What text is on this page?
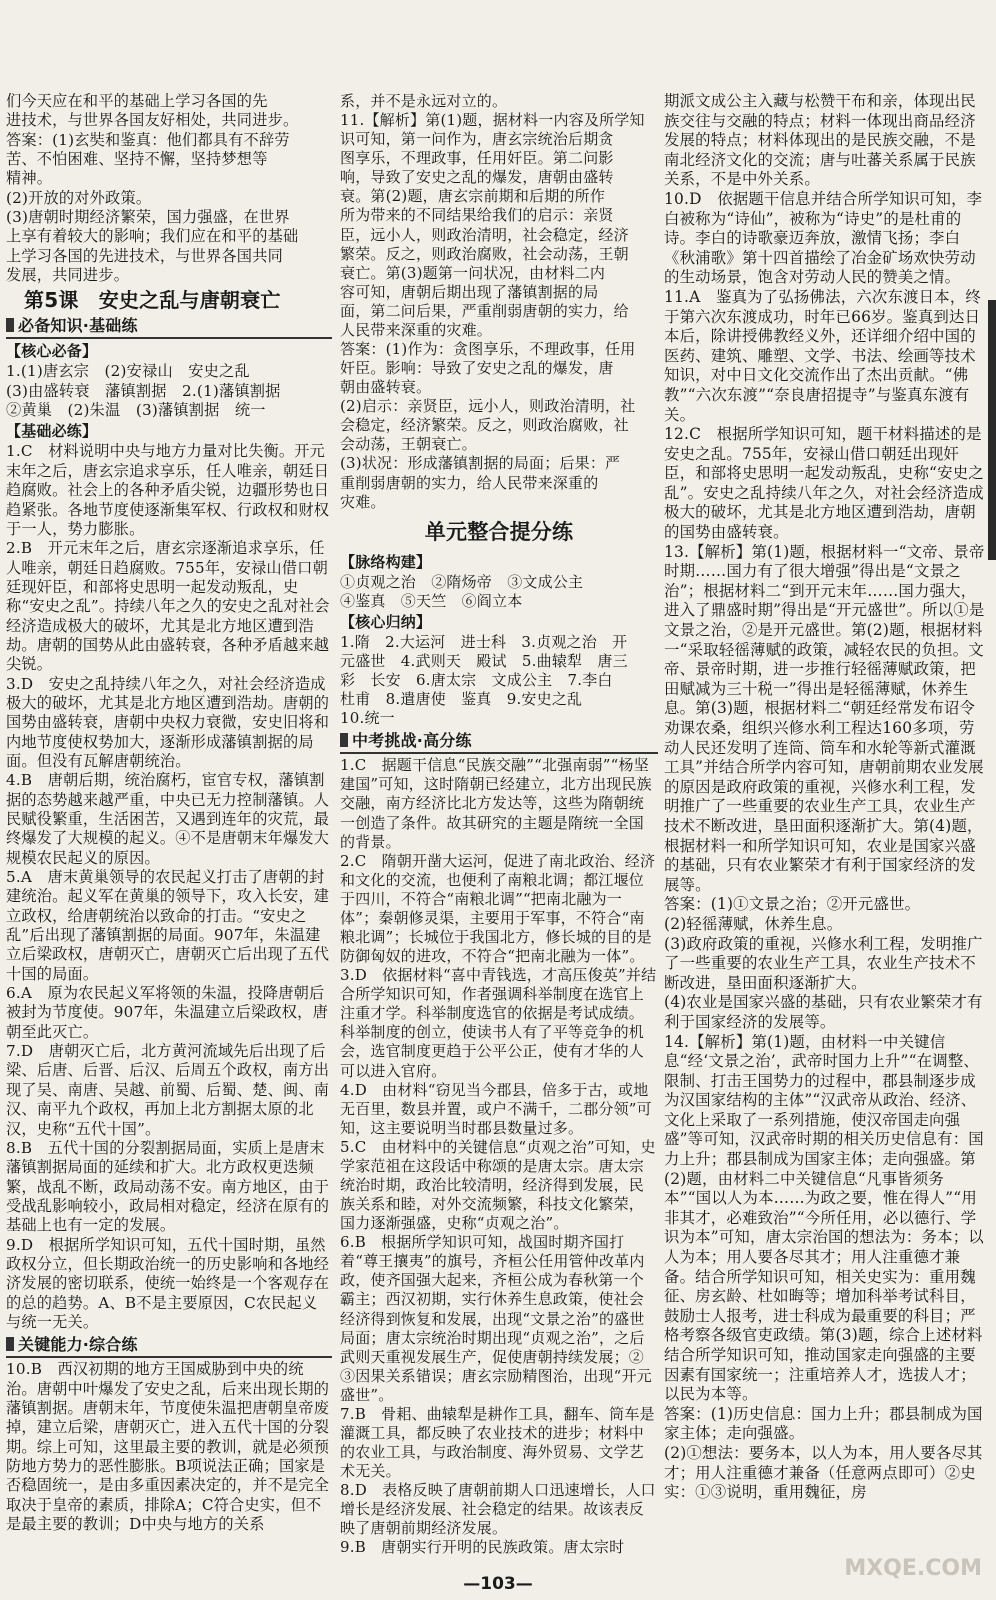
们今天应在和平的基础上学习各国的先

进技术，与世界各国友好相处，共同进步。

答案：(1)玄奘和鉴真：他们都具有不辞劳

苦、不怕困难、坚持不懈，坚持梦想等

精神。

(2)开放的对外政策。

(3)唐朝时期经济繁荣，国力强盛，在世界

上享有着较大的影响；我们应在和平的基础

上学习各国的先进技术，与世界各国共同

发展，共同进步。

第5课　安史之乱与唐朝衰亡
必备知识·基础练
【核心必备】

1.(1)唐玄宗　(2)安禄山　安史之乱

(3)由盛转衰　藩镇割据　2.(1)藩镇割据

②黄巢　(2)朱温　(3)藩镇割据　统一

【基础必练】

1.C　材料说明中央与地方力量对比失衡。开元末年之后，唐玄宗追求享乐，任人唯亲，朝廷日趋腐败。社会上的各种矛盾尖锐，边疆形势也日趋紧张。各地节度使逐渐集军权、行政权和财权于一人，势力膨胀。

2.B　开元末年之后，唐玄宗逐渐追求享乐，任人唯亲，朝廷日趋腐败。755年，安禄山借口朝廷现奸臣，和部将史思明一起发动叛乱，史称“安史之乱”。持续八年之久的安史之乱对社会经济造成极大的破坏，尤其是北方地区遭到浩劫。唐朝的国势从此由盛转衰，各种矛盾越来越尖锐。

3.D　安史之乱持续八年之久，对社会经济造成极大的破坏，尤其是北方地区遭到浩劫。唐朝的国势由盛转衰，唐朝中央权力衰微，安史旧将和内地节度使权势加大，逐渐形成藩镇割据的局面。但没有瓦解唐朝统治。

4.B　唐朝后期，统治腐朽，宦官专权，藩镇割据的态势越来越严重，中央已无力控制藩镇。人民赋役繁重，生活困苦，又遇到连年的灾荒，最终爆发了大规模的起义。④不是唐朝末年爆发大规模农民起义的原因。

5.A　唐末黄巢领导的农民起义打击了唐朝的封建统治。起义军在黄巢的领导下，攻入长安，建立政权，给唐朝统治以致命的打击。“安史之乱”后出现了藩镇割据的局面。907年，朱温建立后梁政权，唐朝灭亡，唐朝灭亡后出现了五代十国的局面。

6.A　原为农民起义军将领的朱温，投降唐朝后被封为节度使。907年，朱温建立后梁政权，唐朝至此灭亡。

7.D　唐朝灭亡后，北方黄河流域先后出现了后梁、后唐、后晋、后汉、后周五个政权，南方出现了吴、南唐、吴越、前蜀、后蜀、楚、闽、南汉、南平九个政权，再加上北方割据太原的北汉，史称“五代十国”。

8.B　五代十国的分裂割据局面，实质上是唐末藩镇割据局面的延续和扩大。北方政权更迭频繁，战乱不断，政局动荡不安。南方地区，由于受战乱影响较小，政局相对稳定，经济在原有的基础上也有一定的发展。

9.D　根据所学知识可知，五代十国时期，虽然政权分立，但长期政治统一的历史影响和各地经济发展的密切联系，使统一始终是一个客观存在的总的趋势。A、B不是主要原因，C农民起义与统一无关。

关键能力·综合练

10.B　西汉初期的地方王国威胁到中央的统治。唐朝中叶爆发了安史之乱，后来出现长期的藩镇割据。唐朝末年，节度使朱温把唐朝皇帝废掉，建立后梁，唐朝灭亡，进入五代十国的分裂期。综上可知，这里最主要的教训，就是必须预防地方势力的恶性膨胀。B项说法正确；国家是否稳固统一，是由多重因素决定的，并不是完全取决于皇帝的素质，排除A；C符合史实，但不是最主要的教训；D中央与地方的关系

系，并不是永远对立的。

11.【解析】第(1)题，据材料一内容及所学知

识可知，第一问作为，唐玄宗统治后期贪

图享乐，不理政事，任用奸臣。第二问影

响，导致了安史之乱的爆发，唐朝由盛转

衰。第(2)题，唐玄宗前期和后期的所作

所为带来的不同结果给我们的启示：亲贤

臣，远小人，则政治清明，社会稳定，经济

繁荣。反之，则政治腐败，社会动荡，王朝

衰亡。第(3)题第一问状况，由材料二内

容可知，唐朝后期出现了藩镇割据的局

面，第二问后果，严重削弱唐朝的实力，给

人民带来深重的灾难。

答案：(1)作为：贪图享乐，不理政事，任用

奸臣。影响：导致了安史之乱的爆发，唐

朝由盛转衰。

(2)启示：亲贤臣，远小人，则政治清明，社

会稳定，经济繁荣。反之，则政治腐败，社

会动荡，王朝衰亡。

(3)状况：形成藩镇割据的局面；后果：严

重削弱唐朝的实力，给人民带来深重的

灾难。

单元整合提分练
【脉络构建】

①贞观之治　②隋炀帝　③文成公主

④鉴真　⑤天竺　⑥阎立本

【核心归纳】

1.隋　2.大运河　进士科　3.贞观之治　开

元盛世　4.武则天　殿试　5.曲辕犁　唐三

彩　长安　6.唐太宗　文成公主　7.李白

杜甫　8.遣唐使　鉴真　9.安史之乱

10.统一

中考挑战·高分练

1.C　据题干信息“民族交融”“北强南弱”“杨坚建国”可知，这时隋朝已经建立，北方出现民族交融，南方经济比北方发达等，这些为隋朝统一创造了条件。故其研究的主题是隋统一全国的背景。

2.C　隋朝开凿大运河，促进了南北政治、经济和文化的交流，也便利了南粮北调；都江堰位于四川，不符合“南粮北调”“把南北融为一体”；秦朝修灵渠，主要用于军事，不符合“南粮北调”；长城位于我国北方，修长城的目的是防御匈奴的进攻，不符合“把南北融为一体”。

3.D　依据材料“喜中青钱选，才高压俊英”并结合所学知识可知，作者强调科举制度在选官上注重才学。科举制度选官的依据是考试成绩。科举制度的创立，使读书人有了平等竞争的机会，选官制度更趋于公平公正，使有才华的人可以进入官府。

4.D　由材料“窃见当今郡县，倍多于古，或地无百里，数县并置，或户不满千，二郡分领”可知，这主要说明当时郡县数量过多。

5.C　由材料中的关键信息“贞观之治”可知，史学家范祖在这段话中称颂的是唐太宗。唐太宗统治时期，政治比较清明，经济得到发展，民族关系和睦，对外交流频繁，科技文化繁荣，国力逐渐强盛，史称“贞观之治”。

6.B　根据所学知识可知，战国时期齐国打着“尊王攘夷”的旗号，齐桓公任用管仲改革内政，使齐国强大起来，齐桓公成为春秋第一个霸主；西汉初期，实行休养生息政策，使社会经济得到恢复和发展，出现“文景之治”的盛世局面；唐太宗统治时期出现“贞观之治”，之后武则天重视发展生产，促使唐朝持续发展；②③因果关系错误；唐玄宗励精图治，出现“开元盛世”。

7.B　骨耜、曲辕犁是耕作工具，翻车、筒车是灌溉工具，都反映了农业技术的进步；材料中的农业工具，与政治制度、海外贸易、文学艺术无关。

8.D　表格反映了唐朝前期人口迅速增长，人口增长是经济发展、社会稳定的结果。故该表反映了唐朝前期经济发展。

9.B　唐朝实行开明的民族政策。唐太宗时

期派文成公主入藏与松赞干布和亲，体现出民族交往与交融的特点；材料一体现出商品经济发展的特点；材料体现出的是民族交融，不是南北经济文化的交流；唐与吐蕃关系属于民族关系，不是中外关系。

10.D　依据题干信息并结合所学知识可知，李白被称为“诗仙”，被称为“诗史”的是杜甫的诗。李白的诗歌豪迈奔放，激情飞扬；李白《秋浦歌》第十四首描绘了冶金矿场欢快劳动的生动场景，饱含对劳动人民的赞美之情。

11.A　鉴真为了弘扬佛法，六次东渡日本，终于第六次东渡成功，时年已66岁。鉴真到达日本后，除讲授佛教经义外，还详细介绍中国的医药、建筑、雕塑、文学、书法、绘画等技术知识，对中日文化交流作出了杰出贡献。“佛教”“六次东渡”“奈良唐招提寺”与鉴真东渡有关。

12.C　根据所学知识可知，题干材料描述的是安史之乱。755年，安禄山借口朝廷出现奸臣，和部将史思明一起发动叛乱，史称“安史之乱”。安史之乱持续八年之久，对社会经济造成极大的破坏，尤其是北方地区遭到浩劫，唐朝的国势由盛转衰。

13.【解析】第(1)题，根据材料一“文帝、景帝时期……国力有了很大增强”得出是“文景之治”；根据材料二“到开元末年……国力强大，进入了鼎盛时期”得出是“开元盛世”。所以①是文景之治，②是开元盛世。第(2)题，根据材料一“采取轻徭薄赋的政策，减轻农民的负担。文帝、景帝时期，进一步推行轻徭薄赋政策，把田赋减为三十税一”得出是轻徭薄赋，休养生息。第(3)题，根据材料二“朝廷经常发布诏令劝课农桑，组织兴修水利工程达160多项，劳动人民还发明了连筒、筒车和水轮等新式灌溉工具”并结合所学内容可知，唐朝前期农业发展的原因是政府政策的重视，兴修水利工程，发明推广了一些重要的农业生产工具，农业生产技术不断改进，垦田面积逐渐扩大。第(4)题，根据材料一和所学知识可知，农业是国家兴盛的基础，只有农业繁荣才有利于国家经济的发展等。

答案：(1)①文景之治；②开元盛世。

(2)轻徭薄赋，休养生息。

(3)政府政策的重视，兴修水利工程，发明推广了一些重要的农业生产工具，农业生产技术不断改进，垦田面积逐渐扩大。

(4)农业是国家兴盛的基础，只有农业繁荣才有利于国家经济的发展等。

14.【解析】第(1)题，由材料一中关键信息“经‘文景之治’，武帝时国力上升”“在调整、限制、打击王国势力的过程中，郡县制逐步成为汉国家结构的主体”“汉武帝从政治、经济、文化上采取了一系列措施，使汉帝国走向强盛”等可知，汉武帝时期的相关历史信息有：国力上升；郡县制成为国家主体；走向强盛。第(2)题，由材料二中关键信息“凡事皆须务本”“国以人为本……为政之要，惟在得人”“用非其才，必难致治”“今所任用，必以德行、学识为本”可知，唐太宗治国的想法为：务本；以人为本；用人要各尽其才；用人注重德才兼备。结合所学知识可知，相关史实为：重用魏征、房玄龄、杜如晦等；增加科举考试科目，鼓励士人报考，进士科成为最重要的科目；严格考察各级官吏政绩。第(3)题，综合上述材料结合所学知识可知，推动国家走向强盛的主要因素有国家统一；注重培养人才，选拔人才；以民为本等。

答案：(1)历史信息：国力上升；郡县制成为国家主体；走向强盛。

(2)①想法：要务本，以人为本，用人要各尽其才；用人注重德才兼备（任意两点即可）②史实：①③说明，重用魏征，房

—103—
MXQE.COM
